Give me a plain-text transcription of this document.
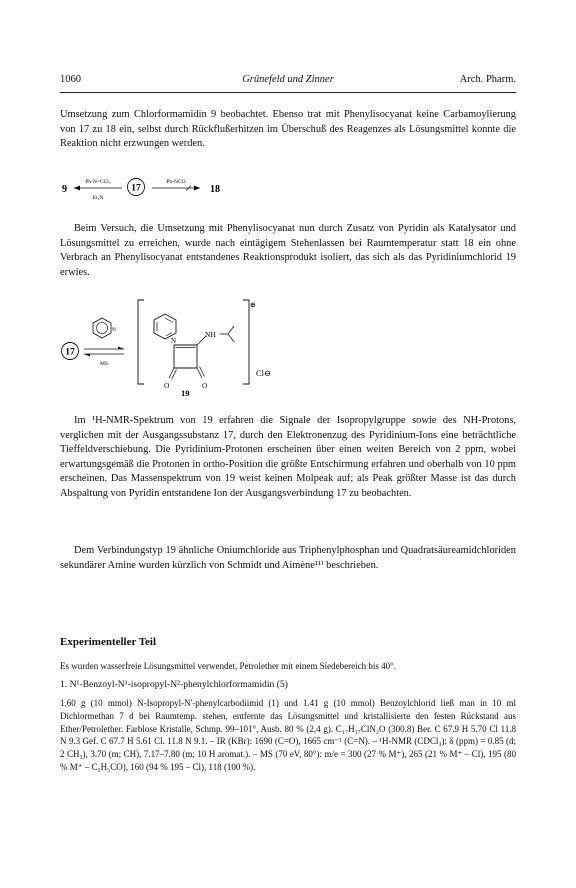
1060	Grünefeld und Zinner	Arch. Pharm.

Umsetzung zum Chlorformamidin 9 beobachtet. Ebenso trat mit Phenylisocyanat keine Carbamoylierung von 17 zu 18 ein, selbst durch Rückflußerhitzen im Überschuß des Reagenzes als Lösungsmittel konnte die Reaktion nicht erzwungen werden.

9
Ph-N=CCl₂
Et₃N
17
Ph-NCO
18

Beim Versuch, die Umsetzung mit Phenylisocyanat nun durch Zusatz von Pyridin als Katalysator und Lösungsmittel zu erreichen, wurde nach eintägigem Stehenlassen bei Raumtemperatur statt 18 ein ohne Verbrach an Phenylisocyanat entstandenes Reaktionsprodukt isoliert, das sich als das Pyridiniumchlorid 19 erwies.

17
N
MS
N
O	O
NH
⊕
Cl⊖
19

Im ¹H-NMR-Spektrum von 19 erfahren die Signale der Isopropylgruppe sowie des NH-Protons, verglichen mit der Ausgangssubstanz 17, durch den Elektronenzug des Pyridinium-Ions eine beträchtliche Tieffeldverschiebung. Die Pyridinium-Protonen erscheinen über einen weiten Bereich von 2 ppm, wobei erwartungsgemäß die Protonen in ortho-Position die größte Entschirmung erfahren und oberhalb von 10 ppm erscheinen. Das Massenspektrum von 19 weist keinen Molpeak auf; als Peak größter Masse ist das durch Abspaltung von Pyridin entstandene Ion der Ausgangsverbindung 17 zu beobachten.

Dem Verbindungstyp 19 ähnliche Oniumchloride aus Triphenylphosphan und Quadratsäureamidchloriden sekundärer Amine wurden kürzlich von Schmidt und Aimène¹¹⁾ beschrieben.

Experimenteller Teil

Es wurden wasserfreie Lösungsmittel verwendet, Petrolether mit einem Siedebereich bis 40°.

1. N¹-Benzoyl-N¹-isopropyl-N²-phenylchlorformamidin (5)

1,60 g (10 mmol) N-Isopropyl-N'-phenylcarbodiimid (1) und 1.41 g (10 mmol) Benzoylchlorid ließ man in 10 ml Dichlormethan 7 d bei Raumtemp. stehen, entfernte das Lösungsmittel und kristallisierte den festen Rückstand aus Ether/Petrolether. Farblose Kristalle, Schmp. 99–101°, Ausb. 80 % (2,4 g). C₁₇H₁₇ClN₂O (300.8) Ber. C 67.9 H 5.70 Cl 11.8 N 9.3 Gef. C 67.7 H 5.61 Cl. 11.8 N 9.1. – IR (KBr): 1690 (C=O), 1665 cm⁻¹ (C=N). – ¹H-NMR (CDCl₃): δ (ppm) = 0.85 (d; 2 CH₃), 3.70 (m; CH), 7.17–7.80 (m; 10 H aromat.). – MS (70 eV, 80°): m/e = 300 (27 % M⁺), 265 (21 % M⁺ – Cl), 195 (80 % M⁺ – C₆H₅CO), 160 (94 % 195 – Cl), 118 (100 %).
